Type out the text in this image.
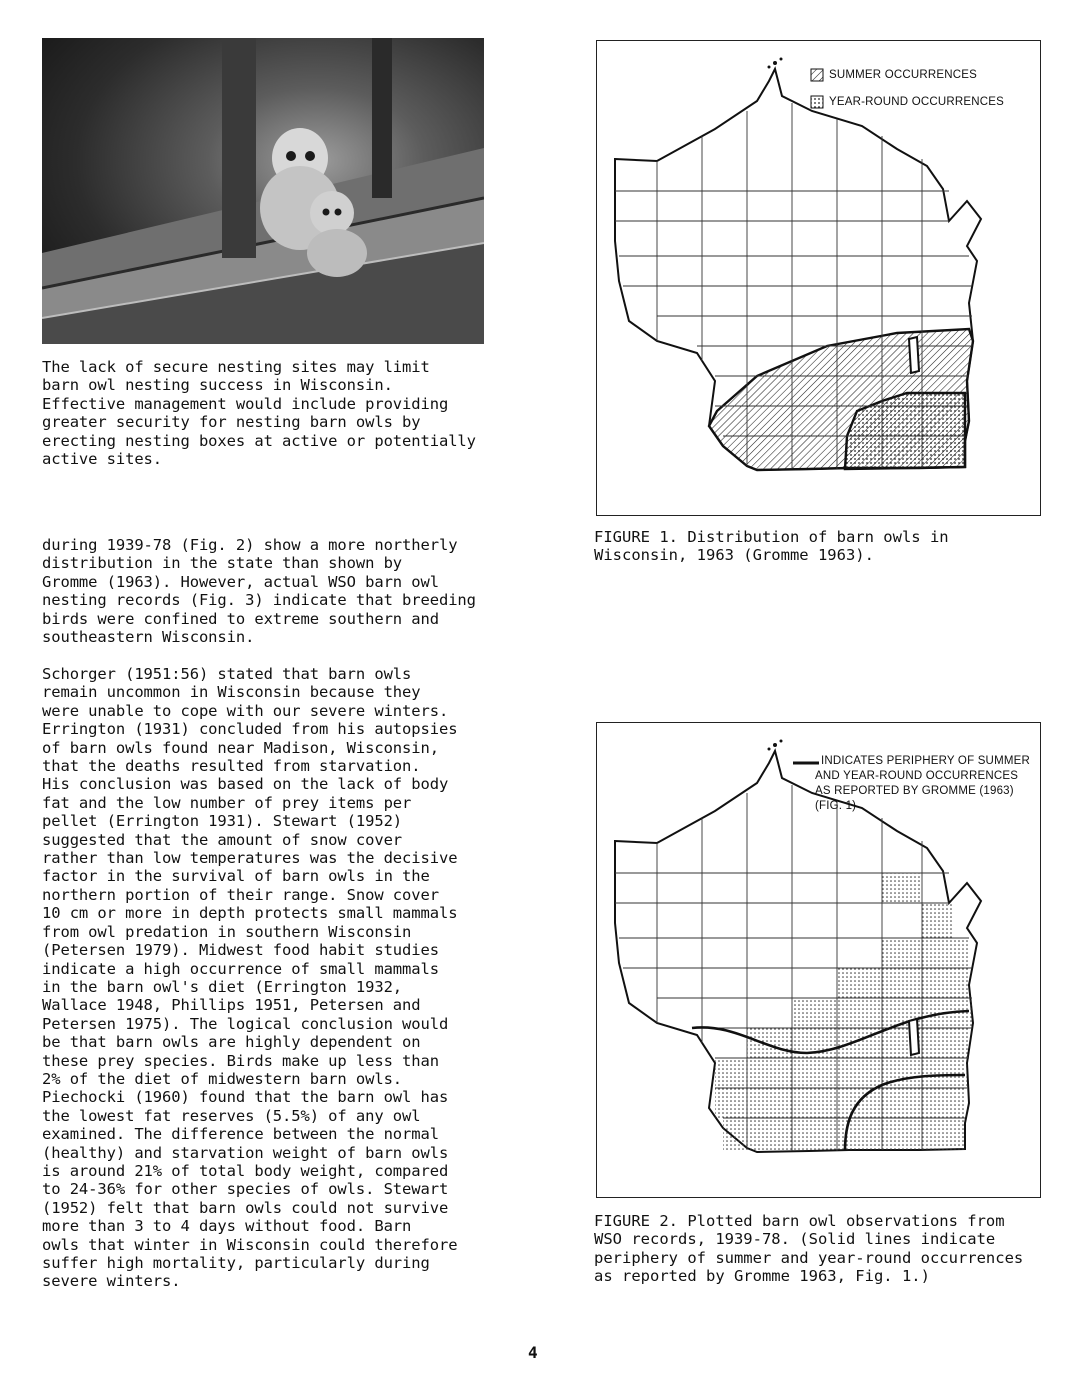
The lack of secure nesting sites may limit
barn owl nesting success in Wisconsin.
Effective management would include providing
greater security for nesting barn owls by
erecting nesting boxes at active or potentially
active sites.

during 1939-78 (Fig. 2) show a more northerly
distribution in the state than shown by
Gromme (1963). However, actual WSO barn owl
nesting records (Fig. 3) indicate that breeding
birds were confined to extreme southern and
southeastern Wisconsin.

Schorger (1951:56) stated that barn owls
remain uncommon in Wisconsin because they
were unable to cope with our severe winters.
Errington (1931) concluded from his autopsies
of barn owls found near Madison, Wisconsin,
that the deaths resulted from starvation.
His conclusion was based on the lack of body
fat and the low number of prey items per
pellet (Errington 1931). Stewart (1952)
suggested that the amount of snow cover
rather than low temperatures was the decisive
factor in the survival of barn owls in the
northern portion of their range. Snow cover
10 cm or more in depth protects small mammals
from owl predation in southern Wisconsin
(Petersen 1979). Midwest food habit studies
indicate a high occurrence of small mammals
in the barn owl's diet (Errington 1932,
Wallace 1948, Phillips 1951, Petersen and
Petersen 1975). The logical conclusion would
be that barn owls are highly dependent on
these prey species. Birds make up less than
2% of the diet of midwestern barn owls.
Piechocki (1960) found that the barn owl has
the lowest fat reserves (5.5%) of any owl
examined. The difference between the normal
(healthy) and starvation weight of barn owls
is around 21% of total body weight, compared
to 24-36% for other species of owls. Stewart
(1952) felt that barn owls could not survive
more than 3 to 4 days without food. Barn
owls that winter in Wisconsin could therefore
suffer high mortality, particularly during
severe winters.

SUMMER OCCURRENCES
YEAR-ROUND OCCURRENCES

FIGURE 1. Distribution of barn owls in
Wisconsin, 1963 (Gromme 1963).

INDICATES PERIPHERY OF SUMMER
AND YEAR-ROUND OCCURRENCES
AS REPORTED BY GROMME (1963)
(FIG. 1)

FIGURE 2. Plotted barn owl observations from
WSO records, 1939-78. (Solid lines indicate
periphery of summer and year-round occurrences
as reported by Gromme 1963, Fig. 1.)

4
